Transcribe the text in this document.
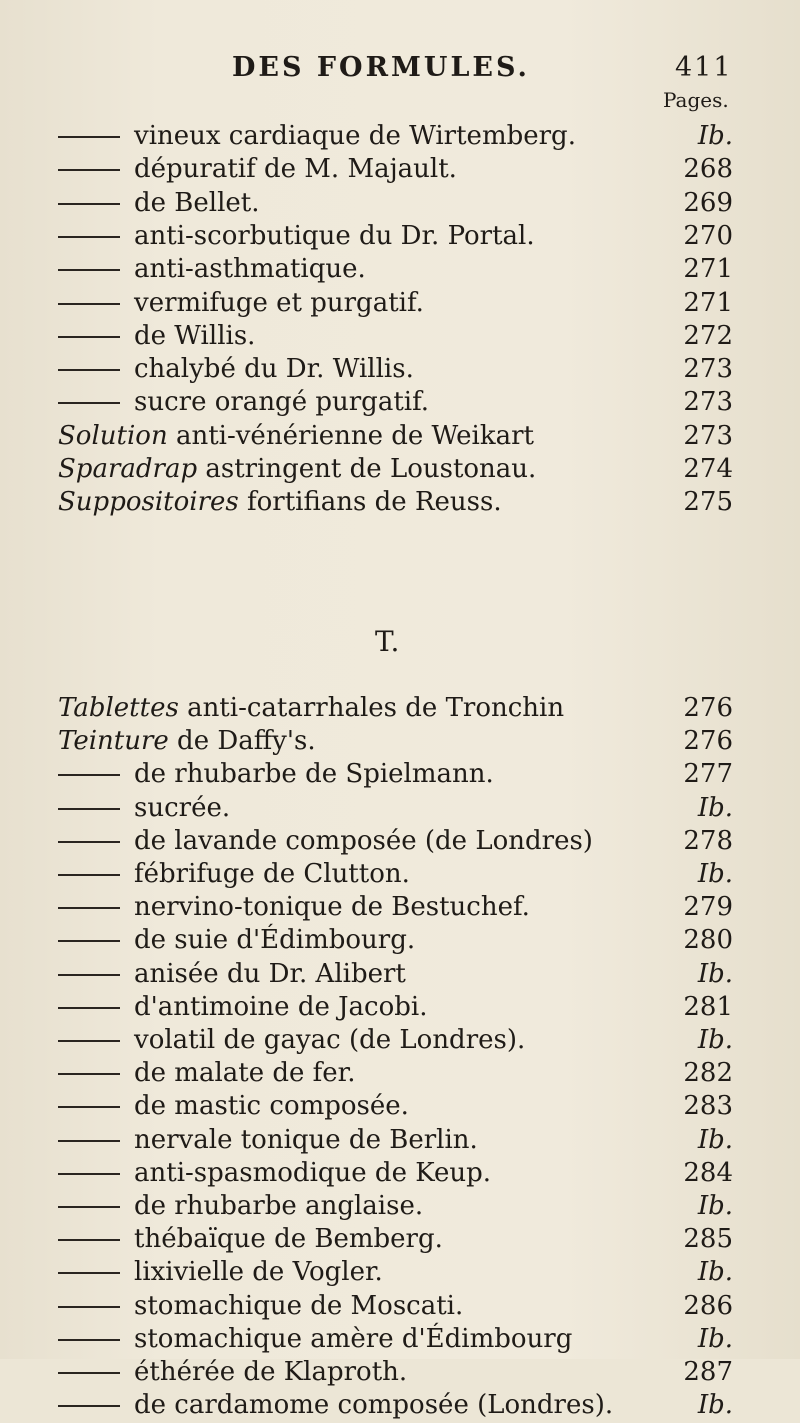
DES FORMULES.	411
Pages.
vineux cardiaque de Wirtemberg.	Ib.
dépuratif de M. Majault.	268
de Bellet.	269
anti-scorbutique du Dr. Portal.	270
anti-asthmatique.	271
vermifuge et purgatif.	271
de Willis.	272
chalybé du Dr. Willis.	273
sucre orangé purgatif.	273
Solution anti-vénérienne de Weikart	273
Sparadrap astringent de Loustonau.	274
Suppositoires fortifians de Reuss.	275
T.
Tablettes anti-catarrhales de Tronchin	276
Teinture de Daffy's.	276
de rhubarbe de Spielmann.	277
sucrée.	Ib.
de lavande composée (de Londres)	278
fébrifuge de Clutton.	Ib.
nervino-tonique de Bestuchef.	279
de suie d'Édimbourg.	280
anisée du Dr. Alibert	Ib.
d'antimoine de Jacobi.	281
volatil de gayac (de Londres).	Ib.
de malate de fer.	282
de mastic composée.	283
nervale tonique de Berlin.	Ib.
anti-spasmodique de Keup.	284
de rhubarbe anglaise.	Ib.
thébaïque de Bemberg.	285
lixivielle de Vogler.	Ib.
stomachique de Moscati.	286
stomachique amère d'Édimbourg	Ib.
éthérée de Klaproth.	287
de cardamome composée (Londres).	Ib.
